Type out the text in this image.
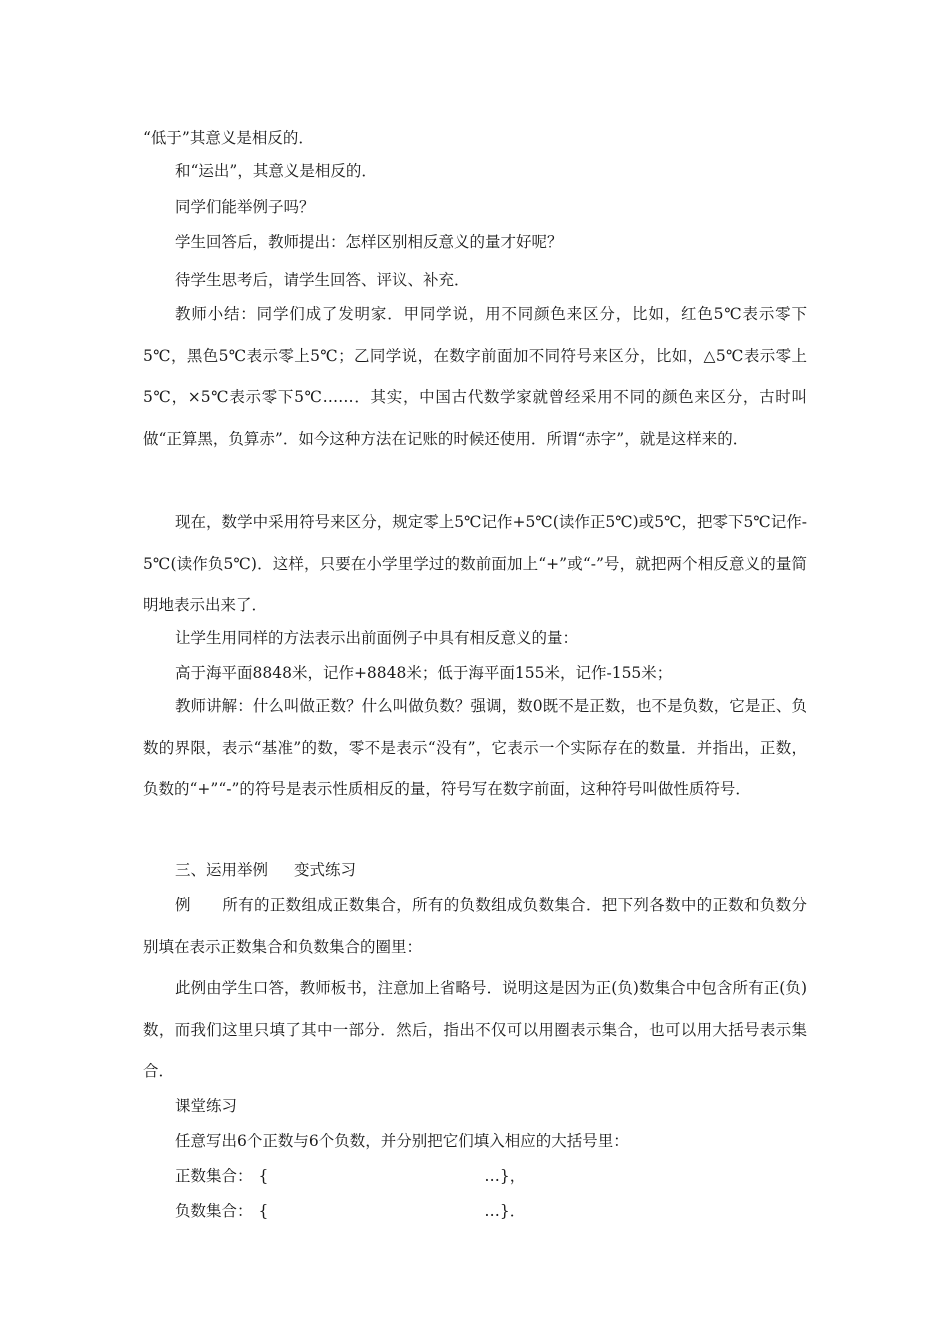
“低于”其意义是相反的．

和“运出”，其意义是相反的．

同学们能举例子吗？

学生回答后，教师提出：怎样区别相反意义的量才好呢？

待学生思考后，请学生回答、评议、补充．

教师小结：同学们成了发明家．甲同学说，用不同颜色来区分，比如，红色5℃表示零下5℃，黑色5℃表示零上5℃；乙同学说，在数字前面加不同符号来区分，比如，△5℃表示零上5℃，×5℃表示零下5℃……．其实，中国古代数学家就曾经采用不同的颜色来区分，古时叫做“正算黑，负算赤”．如今这种方法在记账的时候还使用．所谓“赤字”，就是这样来的．

现在，数学中采用符号来区分，规定零上5℃记作+5℃(读作正5℃)或5℃，把零下5℃记作-5℃(读作负5℃)．这样，只要在小学里学过的数前面加上“+”或“-”号，就把两个相反意义的量简明地表示出来了．

让学生用同样的方法表示出前面例子中具有相反意义的量：

高于海平面8848米，记作+8848米；低于海平面155米，记作-155米；

教师讲解：什么叫做正数？什么叫做负数？强调，数0既不是正数，也不是负数，它是正、负数的界限，表示“基准”的数，零不是表示“没有”，它表示一个实际存在的数量．并指出，正数，负数的“+”“-”的符号是表示性质相反的量，符号写在数字前面，这种符号叫做性质符号．

三、运用举例 变式练习

例　　所有的正数组成正数集合，所有的负数组成负数集合．把下列各数中的正数和负数分别填在表示正数集合和负数集合的圈里：

此例由学生口答，教师板书，注意加上省略号．说明这是因为正(负)数集合中包含所有正(负)数，而我们这里只填了其中一部分．然后，指出不仅可以用圈表示集合，也可以用大括号表示集合．

课堂练习

任意写出6个正数与6个负数，并分别把它们填入相应的大括号里：

正数集合： {	…}，
负数集合： {	…}．
